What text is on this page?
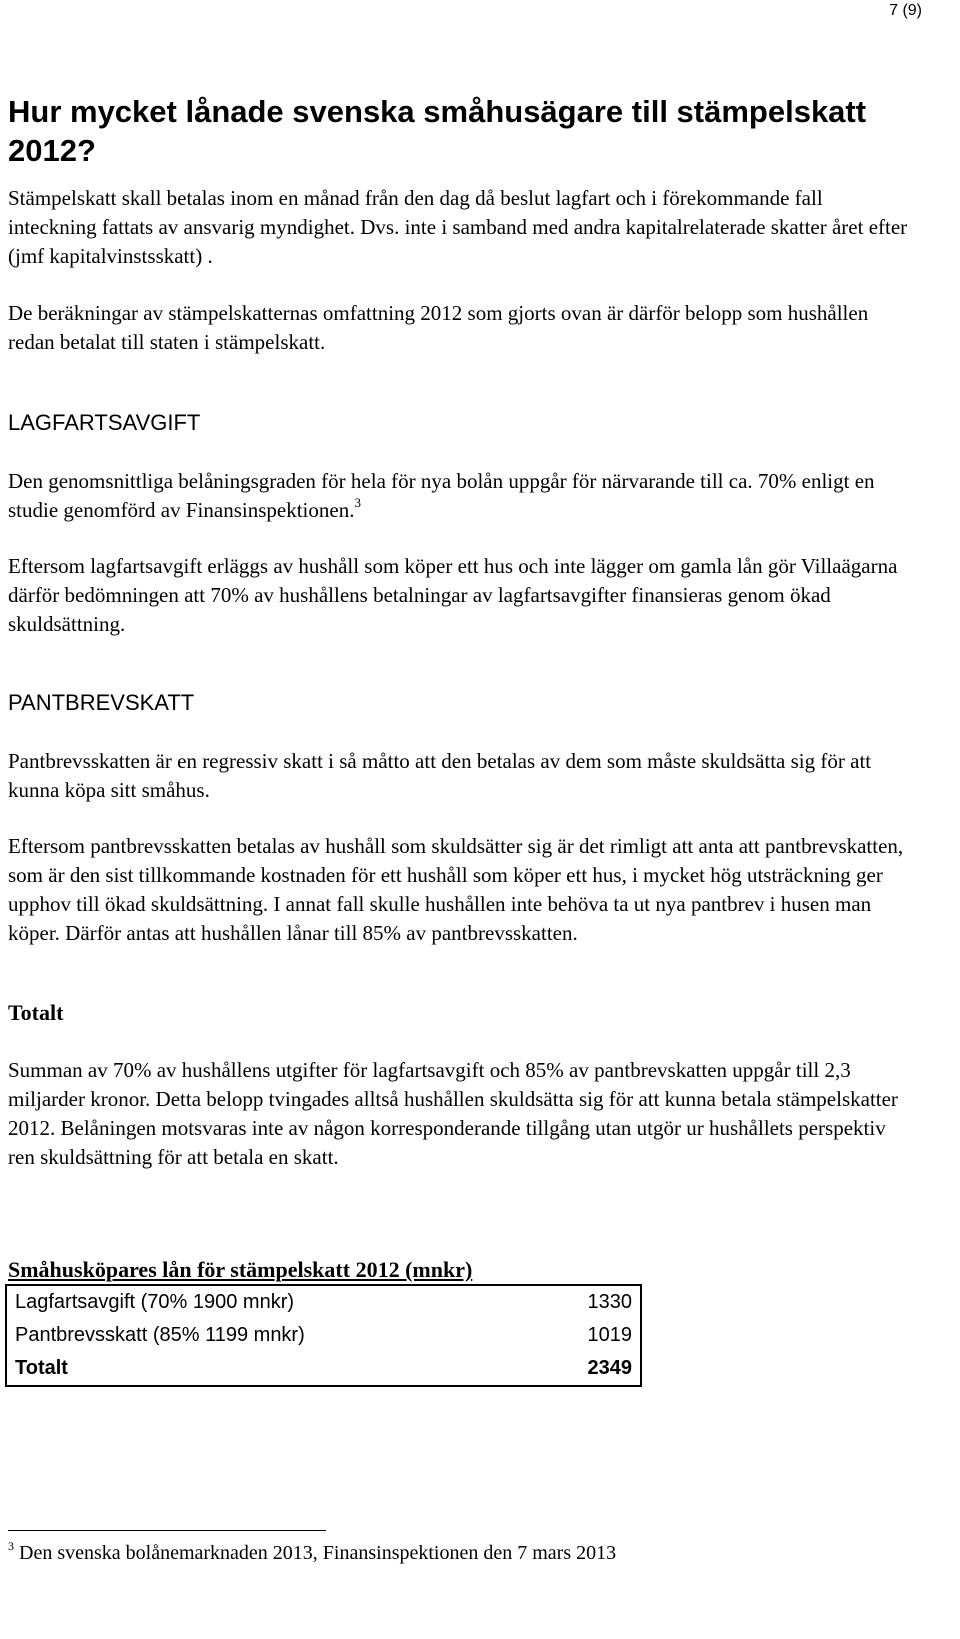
7 (9)
Hur mycket lånade svenska småhusägare till stämpelskatt 2012?

Stämpelskatt skall betalas inom en månad från den dag då beslut lagfart och i förekommande fall inteckning fattats av ansvarig myndighet. Dvs. inte i samband med andra kapitalrelaterade skatter året efter (jmf kapitalvinstsskatt) .

De beräkningar av stämpelskatternas omfattning 2012 som gjorts ovan är därför belopp som hushållen redan betalat till staten i stämpelskatt.

LAGFARTSAVGIFT

Den genomsnittliga belåningsgraden för hela för nya bolån uppgår för närvarande till ca. 70% enligt en studie genomförd av Finansinspektionen.$^3$

Eftersom lagfartsavgift erläggs av hushåll som köper ett hus och inte lägger om gamla lån gör Villaägarna därför bedömningen att 70% av hushållens betalningar av lagfartsavgifter finansieras genom ökad skuldsättning.

PANTBREVSKATT

Pantbrevsskatten är en regressiv skatt i så måtto att den betalas av dem som måste skuldsätta sig för att kunna köpa sitt småhus.

Eftersom pantbrevsskatten betalas av hushåll som skuldsätter sig är det rimligt att anta att pantbrevskatten, som är den sist tillkommande kostnaden för ett hushåll som köper ett hus, i mycket hög utsträckning ger upphov till ökad skuldsättning. I annat fall skulle hushållen inte behöva ta ut nya pantbrev i husen man köper. Därför antas att hushållen lånar till 85% av pantbrevsskatten.

Totalt

Summan av 70% av hushållens utgifter för lagfartsavgift och 85% av pantbrevskatten uppgår till 2,3 miljarder kronor. Detta belopp tvingades alltså hushållen skuldsätta sig för att kunna betala stämpelskatter 2012. Belåningen motsvaras inte av någon korresponderande tillgång utan utgör ur hushållets perspektiv ren skuldsättning för att betala en skatt.

Småhusköpares lån för stämpelskatt 2012 (mnkr)
Lagfartsavgift (70% 1900 mnkr)	1330
Pantbrevsskatt (85% 1199 mnkr)	1019
Totalt	2349
$^3$ Den svenska bolånemarknaden 2013, Finansinspektionen den 7 mars 2013
